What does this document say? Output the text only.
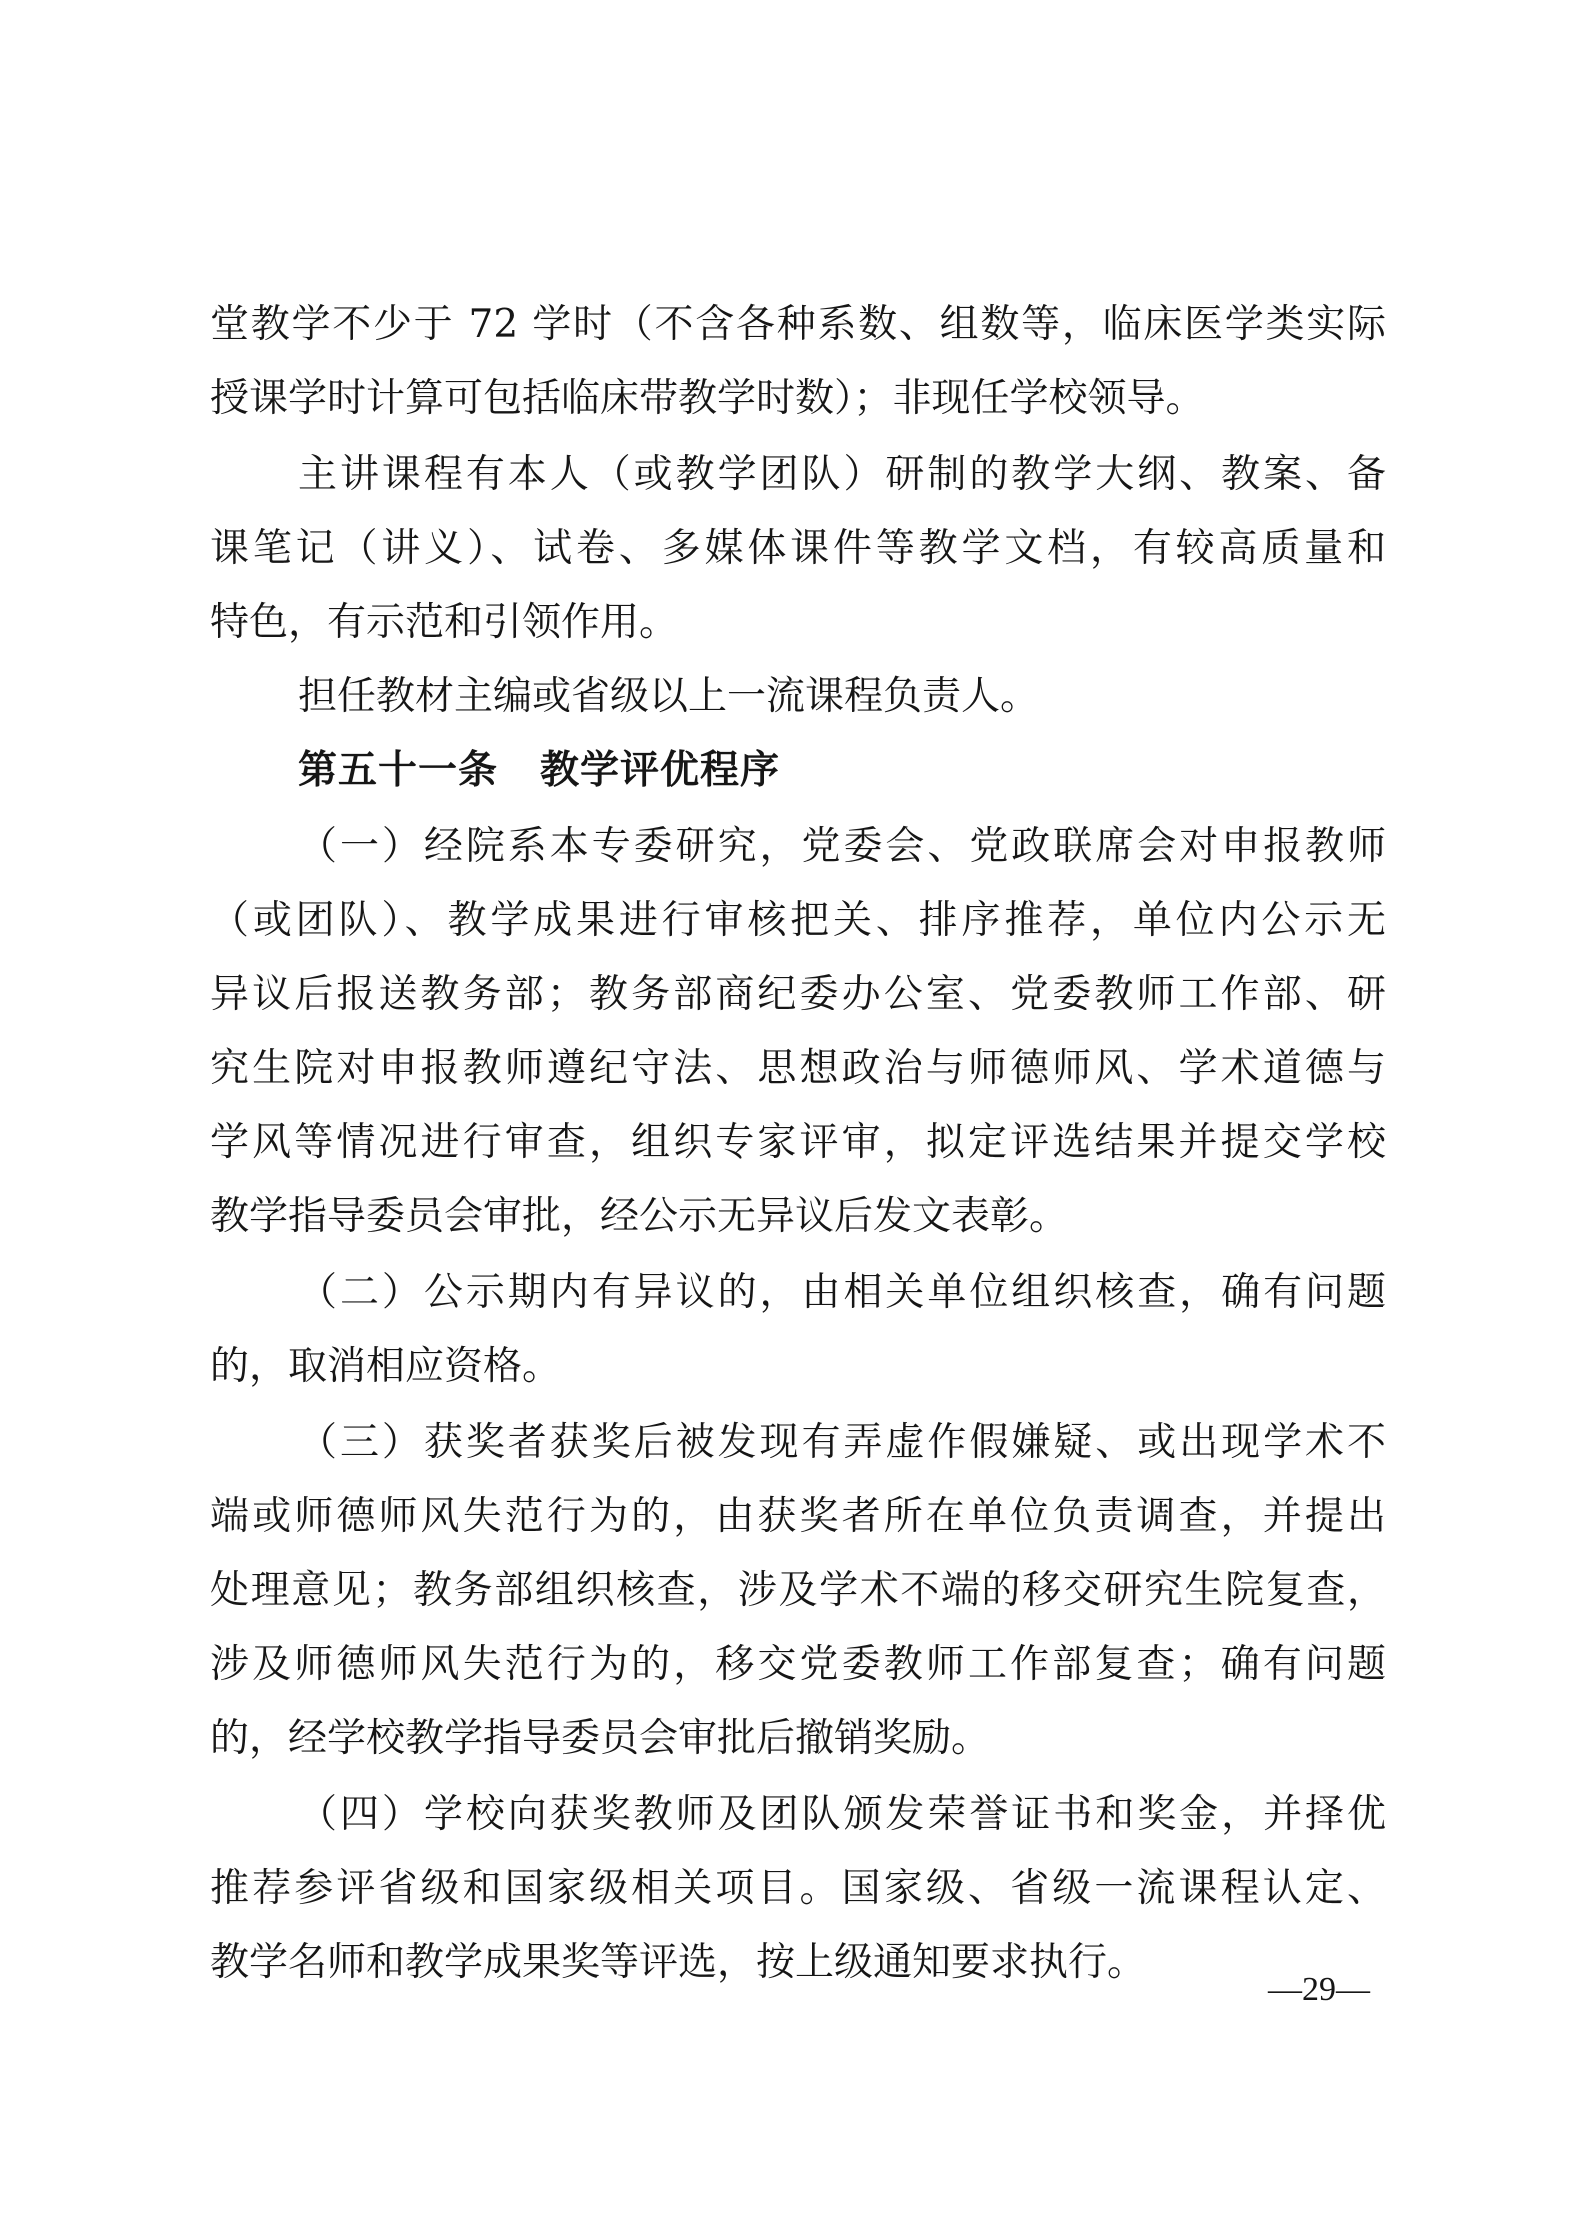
堂教学不少于 72 学时（不含各种系数、组数等，临床医学类实际
授课学时计算可包括临床带教学时数）；非现任学校领导。
主讲课程有本人（或教学团队）研制的教学大纲、教案、备
课笔记（讲义）、试卷、多媒体课件等教学文档，有较高质量和
特色，有示范和引领作用。
担任教材主编或省级以上一流课程负责人。
第五十一条 教学评优程序
（一）经院系本专委研究，党委会、党政联席会对申报教师
（或团队）、教学成果进行审核把关、排序推荐，单位内公示无
异议后报送教务部；教务部商纪委办公室、党委教师工作部、研
究生院对申报教师遵纪守法、思想政治与师德师风、学术道德与
学风等情况进行审查，组织专家评审，拟定评选结果并提交学校
教学指导委员会审批，经公示无异议后发文表彰。
（二）公示期内有异议的，由相关单位组织核查，确有问题
的，取消相应资格。
（三）获奖者获奖后被发现有弄虚作假嫌疑、或出现学术不
端或师德师风失范行为的，由获奖者所在单位负责调查，并提出
处理意见；教务部组织核查，涉及学术不端的移交研究生院复查，
涉及师德师风失范行为的，移交党委教师工作部复查；确有问题
的，经学校教学指导委员会审批后撤销奖励。
（四）学校向获奖教师及团队颁发荣誉证书和奖金，并择优
推荐参评省级和国家级相关项目。国家级、省级一流课程认定、
教学名师和教学成果奖等评选，按上级通知要求执行。
—29—
